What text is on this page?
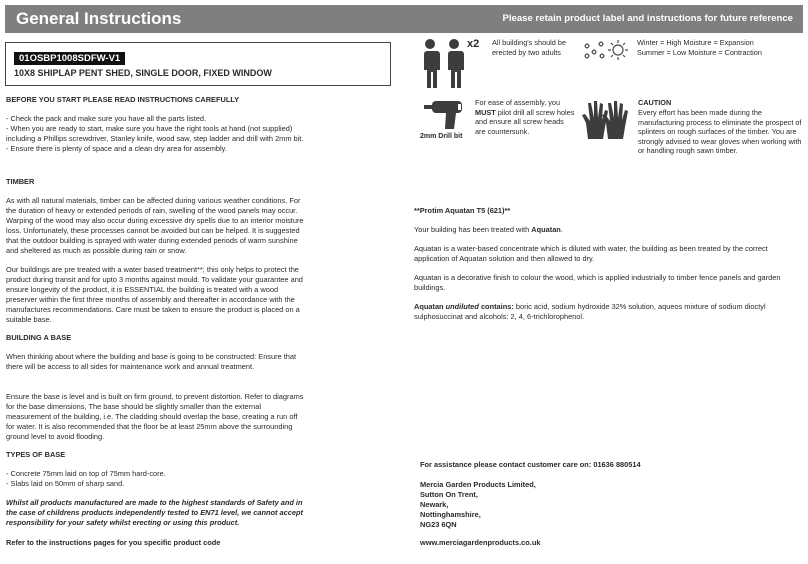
General Instructions	Please retain product label and instructions for future reference
01OSBP1008SDFW-V1
10X8 SHIPLAP PENT SHED, SINGLE DOOR, FIXED WINDOW

BEFORE YOU START PLEASE READ INSTRUCTIONS CAREFULLY

- Check the pack and make sure you have all the parts listed.

- When you are ready to start, make sure you have the right tools at hand (not supplied) including a Phillips screwdriver, Stanley knife, wood saw, step ladder and drill with 2mm bit.

- Ensure there is plenty of space and a clean dry area for assembly.

TIMBER

As with all natural materials, timber can be affected during various weather conditions. For the duration of heavy or extended periods of rain, swelling of the wood panels may occur. Warping of the wood may also occur during excessive dry spells due to an interior moisture loss. Unfortunately, these processes cannot be avoided but can be helped. It is suggested that the outdoor building is sprayed with water during extended periods of warm sunshine and sheltered as much as possible during rain or snow.

Our buildings are pre treated with a water based treatment**; this only helps to protect the product during transit and for upto 3 months against mould. To validate your guarantee and ensure longevity of the product, it is ESSENTIAL the building is treated with a wood preserver within the first three months of assembly and thereafter in accordance with the manufactures recommendations. Care must be taken to ensure the product is placed on a suitable base.

BUILDING A BASE

When thinking about where the building and base is going to be constructed: Ensure that there will be access to all sides for maintenance work and annual treatment.

Ensure the base is level and is built on firm ground, to prevent distortion. Refer to diagrams for the base dimensions, The base should be slightly smaller than the external measurement of the building, i.e. The cladding should overlap the base, creating a run off for water. It is also recommended that the floor be at least 25mm above the surrounding ground level to avoid flooding.

TYPES OF BASE

- Concrete 75mm laid on top of 75mm hard-core.

- Slabs laid on 50mm of sharp sand.

Whilst all products manufactured are made to the highest standards of Safety and in the case of childrens products independently tested to EN71 level, we cannot accept responsibility for your safety whilst erecting or using this product.

Refer to the instructions pages for you specific product code

x2 All building's should be erected by two adults
Winter = High Moisture = Expansion
Summer = Low Moisture = Contraction
2mm Drill bit
For ease of assembly, you MUST pilot drill all screw holes and ensure all screw heads are countersunk.
CAUTION
Every effort has been made during the manufacturing process to eliminate the prospect of splinters on rough surfaces of the timber. You are strongly advised to wear gloves when working with or handling rough sawn timber.

**Protim Aquatan T5 (621)**

Your building has been treated with Aquatan.

Aquatan is a water-based concentrate which is diluted with water, the building as been treated by the correct application of Aquatan solution and then allowed to dry.

Aquatan is a decorative finish to colour the wood, which is applied industrially to timber fence panels and garden buildings.

Aquatan undiluted contains: boric acid, sodium hydroxide 32% solution, aqueos mixture of sodium dioctyl sulphosuccinat and alcohols: 2, 4, 6-trichlorophenol.

For assistance please contact customer care on: 01636 880514

Mercia Garden Products Limited,
Sutton On Trent,
Newark,
Nottinghamshire,
NG23 6QN

www.merciagardenproducts.co.uk
